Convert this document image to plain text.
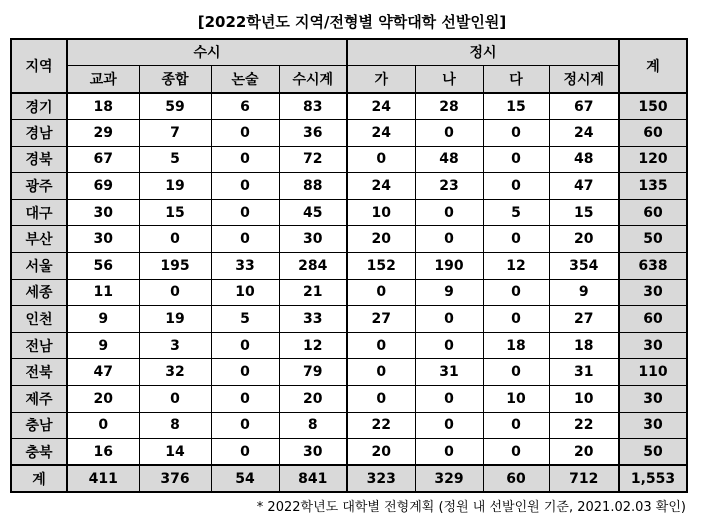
[2022학년도 지역/전형별 약학대학 선발인원]
지역	수시				정시				계
	교과	종합	논술	수시계	가	나	다	정시계	
경기	18	59	6	83	24	28	15	67	150
경남	29	7	0	36	24	0	0	24	60
경북	67	5	0	72	0	48	0	48	120
광주	69	19	0	88	24	23	0	47	135
대구	30	15	0	45	10	0	5	15	60
부산	30	0	0	30	20	0	0	20	50
서울	56	195	33	284	152	190	12	354	638
세종	11	0	10	21	0	9	0	9	30
인천	9	19	5	33	27	0	0	27	60
전남	9	3	0	12	0	0	18	18	30
전북	47	32	0	79	0	31	0	31	110
제주	20	0	0	20	0	0	10	10	30
충남	0	8	0	8	22	0	0	22	30
충북	16	14	0	30	20	0	0	20	50
계	411	376	54	841	323	329	60	712	1,553
* 2022학년도 대학별 전형계획 (정원 내 선발인원 기준, 2021.02.03 확인)
